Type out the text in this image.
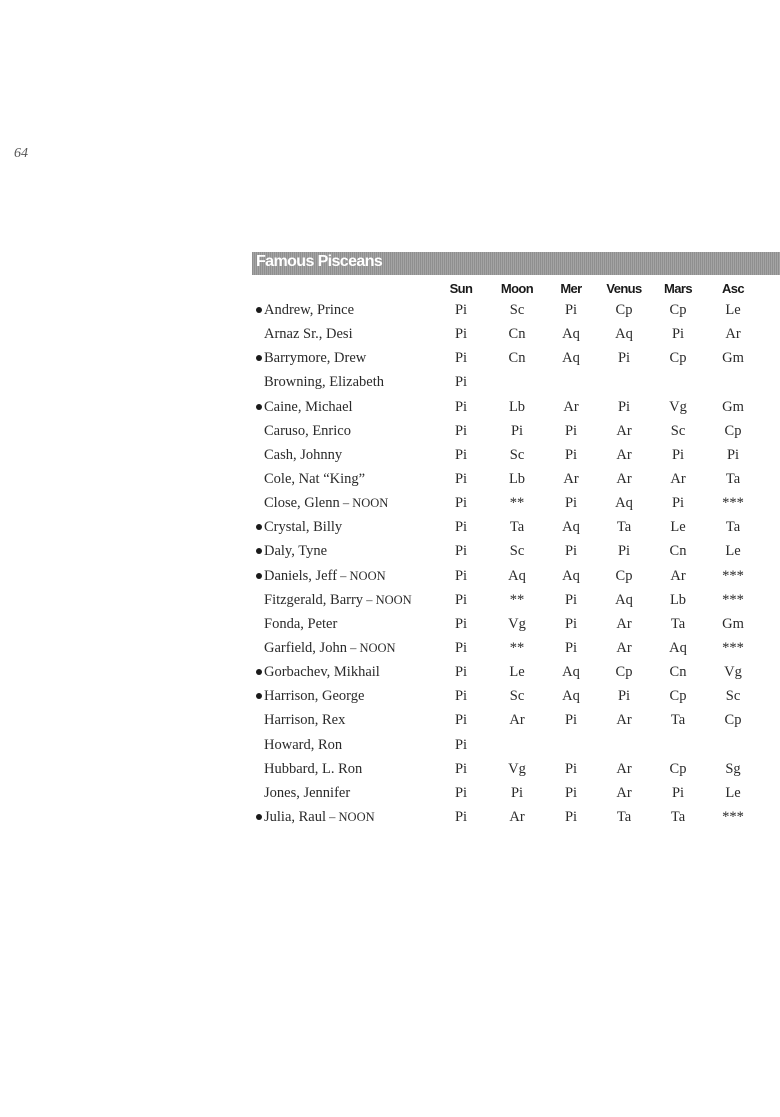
64
Famous Pisceans
Sun	Moon	Mer	Venus	Mars	Asc
Andrew, Prince	Pi	Sc	Pi	Cp	Cp	Le
Arnaz Sr., Desi	Pi	Cn	Aq	Aq	Pi	Ar
Barrymore, Drew	Pi	Cn	Aq	Pi	Cp	Gm
Browning, Elizabeth	Pi
Caine, Michael	Pi	Lb	Ar	Pi	Vg	Gm
Caruso, Enrico	Pi	Pi	Pi	Ar	Sc	Cp
Cash, Johnny	Pi	Sc	Pi	Ar	Pi	Pi
Cole, Nat “King”	Pi	Lb	Ar	Ar	Ar	Ta
Close, Glenn – NOON	Pi	**	Pi	Aq	Pi	***
Crystal, Billy	Pi	Ta	Aq	Ta	Le	Ta
Daly, Tyne	Pi	Sc	Pi	Pi	Cn	Le
Daniels, Jeff – NOON	Pi	Aq	Aq	Cp	Ar	***
Fitzgerald, Barry – NOON	Pi	**	Pi	Aq	Lb	***
Fonda, Peter	Pi	Vg	Pi	Ar	Ta	Gm
Garfield, John – NOON	Pi	**	Pi	Ar	Aq	***
Gorbachev, Mikhail	Pi	Le	Aq	Cp	Cn	Vg
Harrison, George	Pi	Sc	Aq	Pi	Cp	Sc
Harrison, Rex	Pi	Ar	Pi	Ar	Ta	Cp
Howard, Ron	Pi
Hubbard, L. Ron	Pi	Vg	Pi	Ar	Cp	Sg
Jones, Jennifer	Pi	Pi	Pi	Ar	Pi	Le
Julia, Raul – NOON	Pi	Ar	Pi	Ta	Ta	***
